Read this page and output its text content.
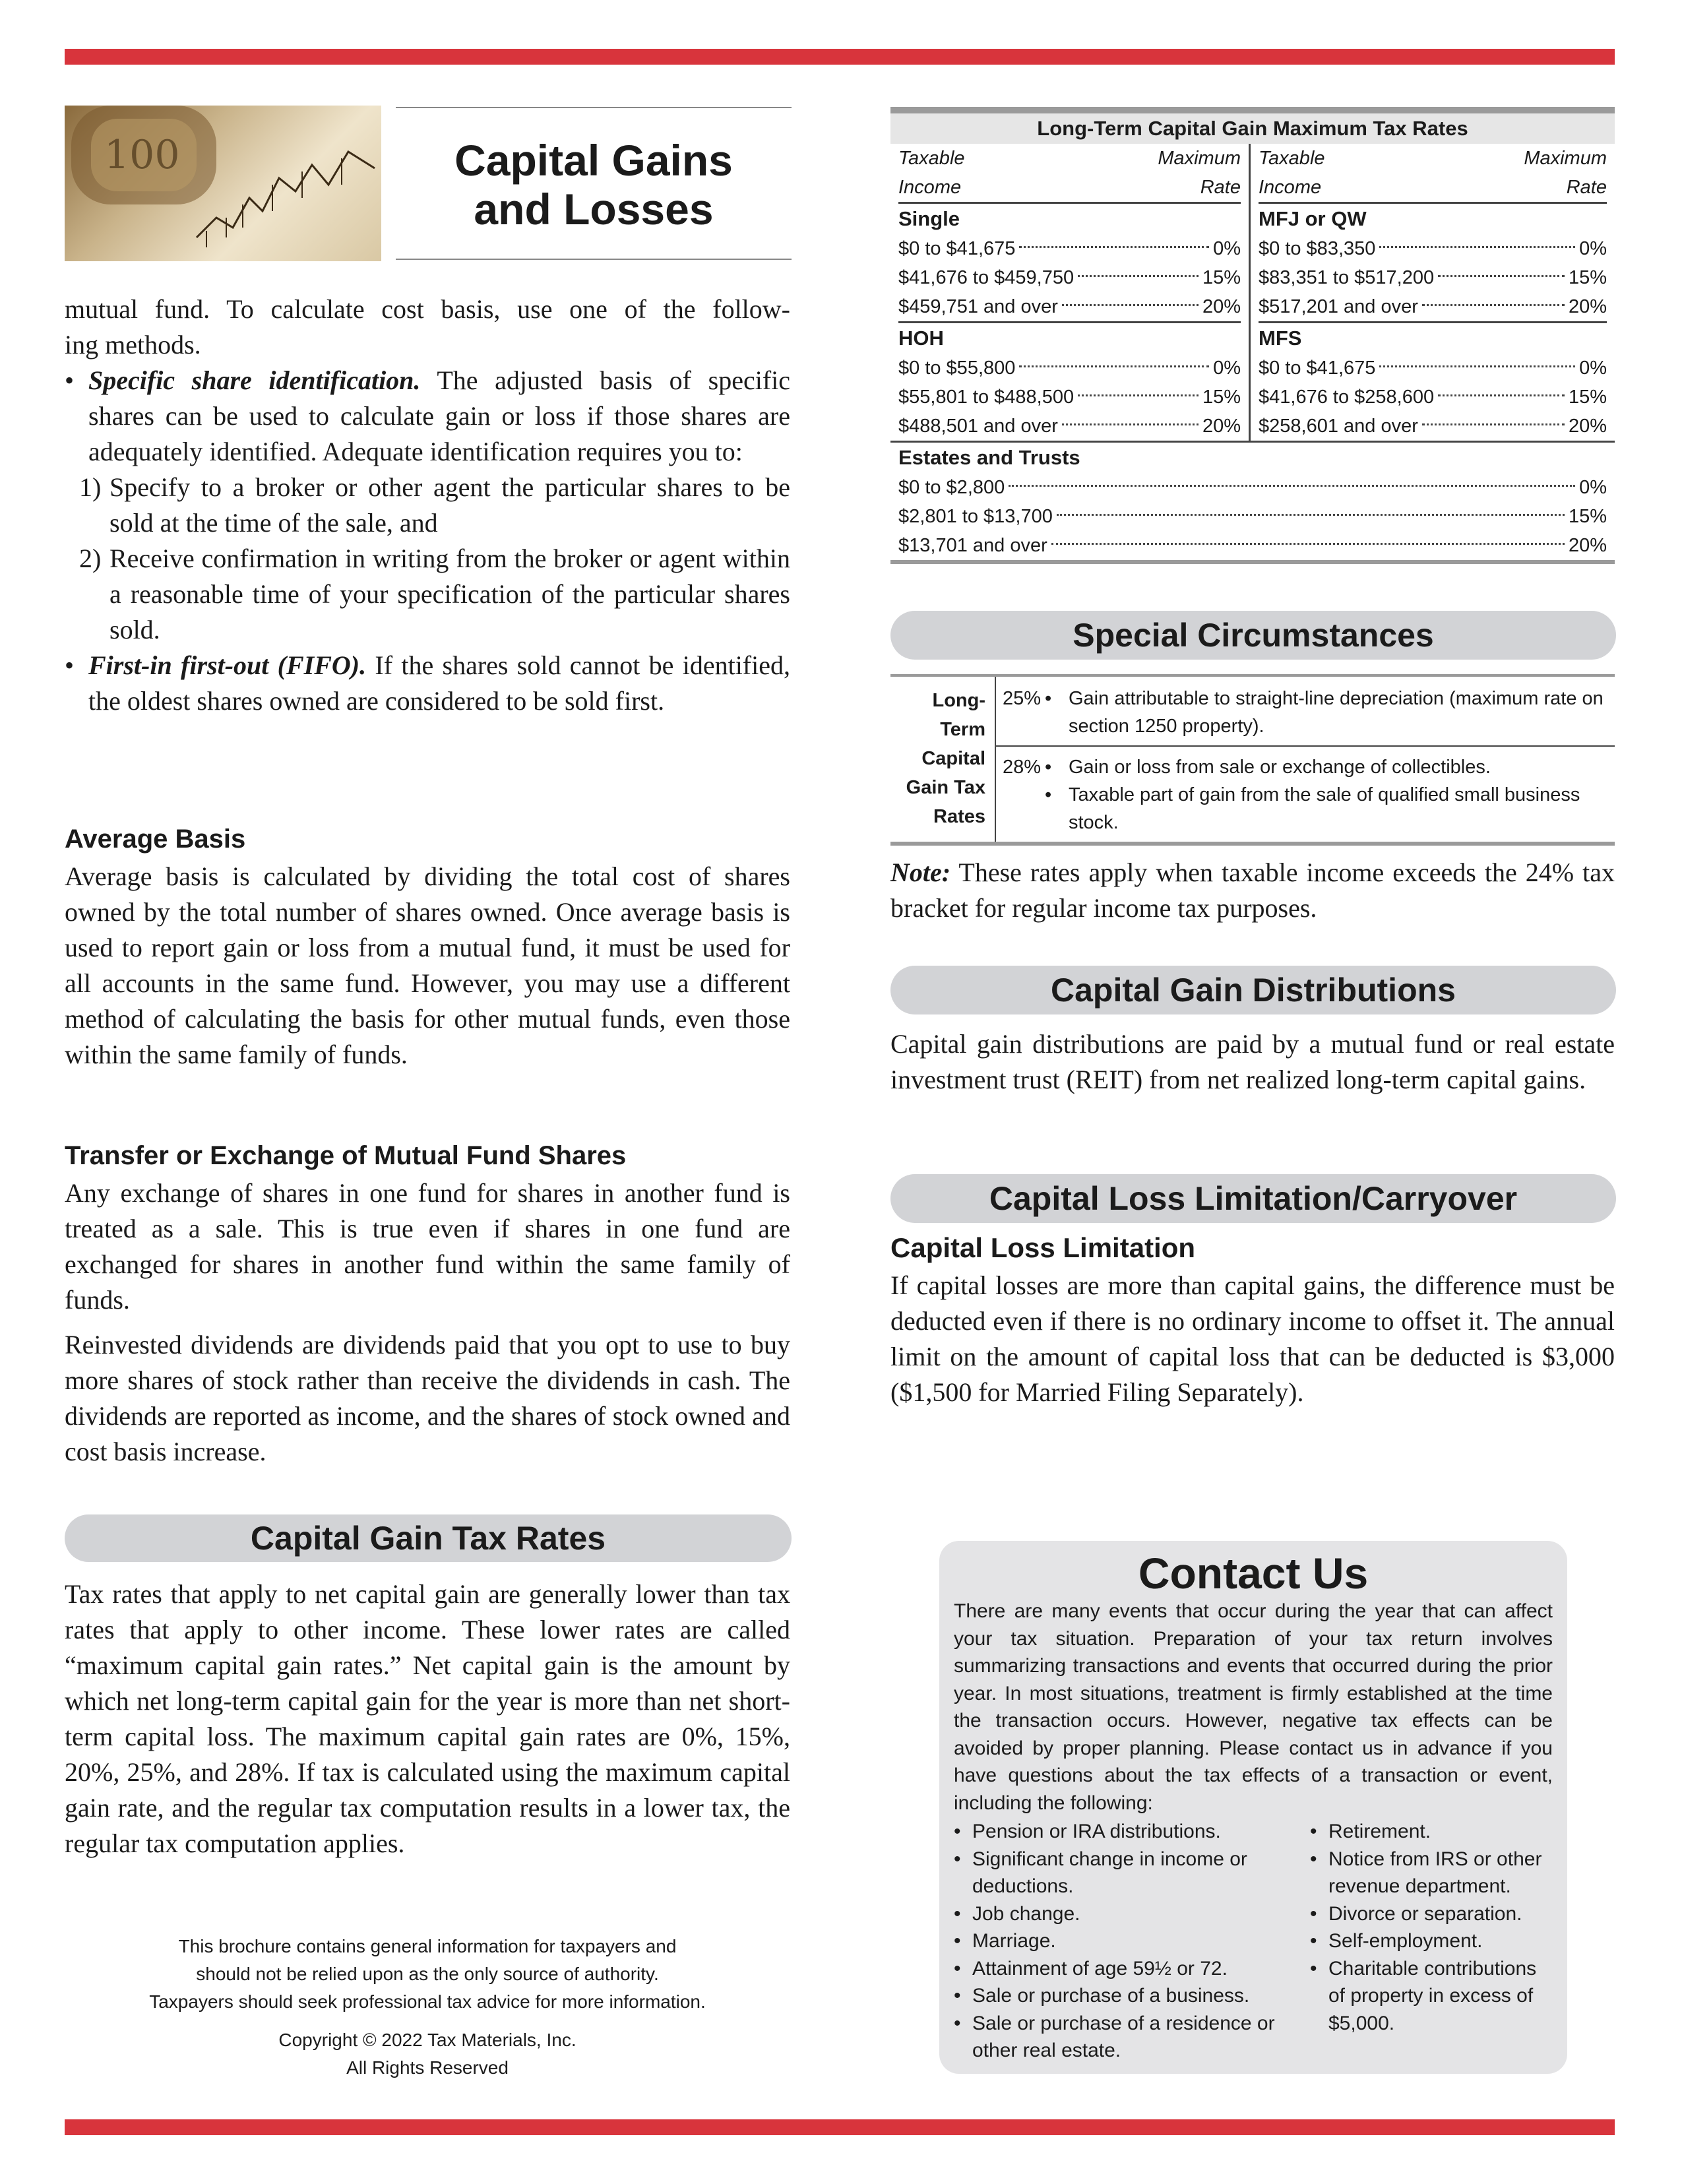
100	Capital Gains
and Losses
mutual fund. To calculate cost basis, use one of the follow-
ing methods.
• Specific share identification. The adjusted basis of specific shares can be used to calculate gain or loss if those shares are adequately identified. Adequate identification requires you to:
1) Specify to a broker or other agent the particular shares to be sold at the time of the sale, and
2) Receive confirmation in writing from the broker or agent within a reasonable time of your specification of the particular shares sold.
• First-in first-out (FIFO). If the shares sold cannot be identified, the oldest shares owned are considered to be sold first.
Average Basis
Average basis is calculated by dividing the total cost of shares owned by the total number of shares owned. Once average basis is used to report gain or loss from a mutual fund, it must be used for all accounts in the same fund. However, you may use a different method of calculating the basis for other mutual funds, even those within the same family of funds.
Transfer or Exchange of Mutual Fund Shares

Any exchange of shares in one fund for shares in another fund is treated as a sale. This is true even if shares in one fund are exchanged for shares in another fund within the same family of funds.

Reinvested dividends are dividends paid that you opt to use to buy more shares of stock rather than receive the dividends in cash. The dividends are reported as income, and the shares of stock owned and cost basis increase.

Capital Gain Tax Rates
Tax rates that apply to net capital gain are generally lower than tax rates that apply to other income. These lower rates are called “maximum capital gain rates.” Net capital gain is the amount by which net long-term capital gain for the year is more than net short-term capital loss. The maximum capital gain rates are 0%, 15%, 20%, 25%, and 28%. If tax is calculated using the maximum capital gain rate, and the regular tax computation results in a lower tax, the regular tax computation applies.
This brochure contains general information for taxpayers and
should not be relied upon as the only source of authority.
Taxpayers should seek professional tax advice for more information.
Copyright © 2022 Tax Materials, Inc.
All Rights Reserved
Long-Term Capital Gain Maximum Tax Rates
Taxable	Maximum
Income	Rate
Single
$0 to $41,675	0%
$41,676 to $459,750	15%
$459,751 and over	20%
HOH
$0 to $55,800	0%
$55,801 to $488,500	15%
$488,501 and over	20%
Taxable	Maximum
Income	Rate
MFJ or QW
$0 to $83,350	0%
$83,351 to $517,200	15%
$517,201 and over	20%
MFS
$0 to $41,675	0%
$41,676 to $258,600	15%
$258,601 and over	20%
Estates and Trusts
$0 to $2,800	0%
$2,801 to $13,700	15%
$13,701 and over	20%
Special Circumstances
Long-
Term
Capital
Gain Tax
Rates
25%	• Gain attributable to straight-line depreciation (maximum rate on section 1250 property).
28%	• Gain or loss from sale or exchange of collectibles.
• Taxable part of gain from the sale of qualified small business stock.
Note: These rates apply when taxable income exceeds the 24% tax bracket for regular income tax purposes.
Capital Gain Distributions
Capital gain distributions are paid by a mutual fund or real estate investment trust (REIT) from net realized long-term capital gains.
Capital Loss Limitation/Carryover
Capital Loss Limitation
If capital losses are more than capital gains, the difference must be deducted even if there is no ordinary income to offset it. The annual limit on the amount of capital loss that can be deducted is $3,000 ($1,500 for Married Filing Separately).
Contact Us
There are many events that occur during the year that can affect your tax situation. Preparation of your tax return involves summarizing transactions and events that occurred during the prior year. In most situations, treatment is firmly established at the time the transaction occurs. However, negative tax effects can be avoided by proper planning. Please contact us in advance if you have questions about the tax effects of a transaction or event, including the following:
• Pension or IRA distributions.
• Significant change in income or deductions.
• Job change.
• Marriage.
• Attainment of age 59½ or 72.
• Sale or purchase of a business.
• Sale or purchase of a residence or other real estate.
• Retirement.
• Notice from IRS or other revenue department.
• Divorce or separation.
• Self-employment.
• Charitable contributions of property in excess of $5,000.
